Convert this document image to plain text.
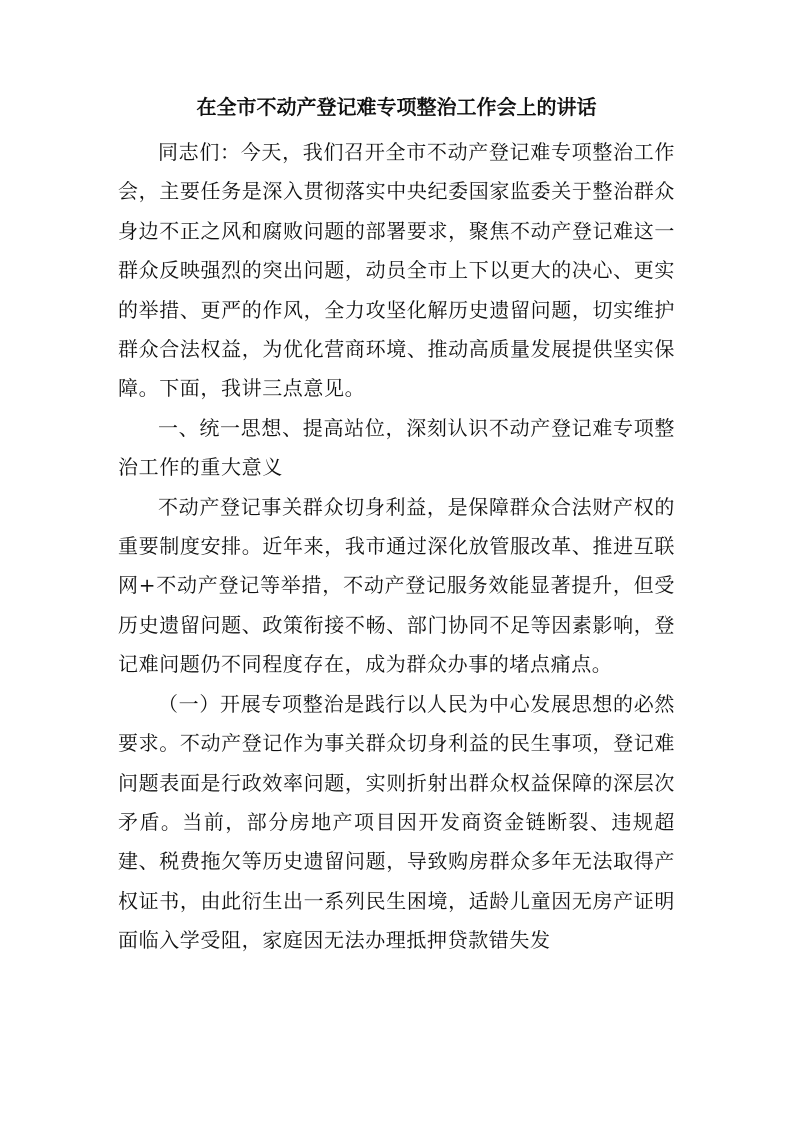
在全市不动产登记难专项整治工作会上的讲话

同志们：今天，我们召开全市不动产登记难专项整治工作会，主要任务是深入贯彻落实中央纪委国家监委关于整治群众身边不正之风和腐败问题的部署要求，聚焦不动产登记难这一群众反映强烈的突出问题，动员全市上下以更大的决心、更实的举措、更严的作风，全力攻坚化解历史遗留问题，切实维护群众合法权益，为优化营商环境、推动高质量发展提供坚实保障。下面，我讲三点意见。

一、统一思想、提高站位，深刻认识不动产登记难专项整治工作的重大意义

不动产登记事关群众切身利益，是保障群众合法财产权的重要制度安排。近年来，我市通过深化放管服改革、推进互联网+不动产登记等举措，不动产登记服务效能显著提升，但受历史遗留问题、政策衔接不畅、部门协同不足等因素影响，登记难问题仍不同程度存在，成为群众办事的堵点痛点。

（一）开展专项整治是践行以人民为中心发展思想的必然要求。不动产登记作为事关群众切身利益的民生事项，登记难问题表面是行政效率问题，实则折射出群众权益保障的深层次矛盾。当前，部分房地产项目因开发商资金链断裂、违规超建、税费拖欠等历史遗留问题，导致购房群众多年无法取得产权证书，由此衍生出一系列民生困境，适龄儿童因无房产证明面临入学受阻，家庭因无法办理抵押贷款错失发
